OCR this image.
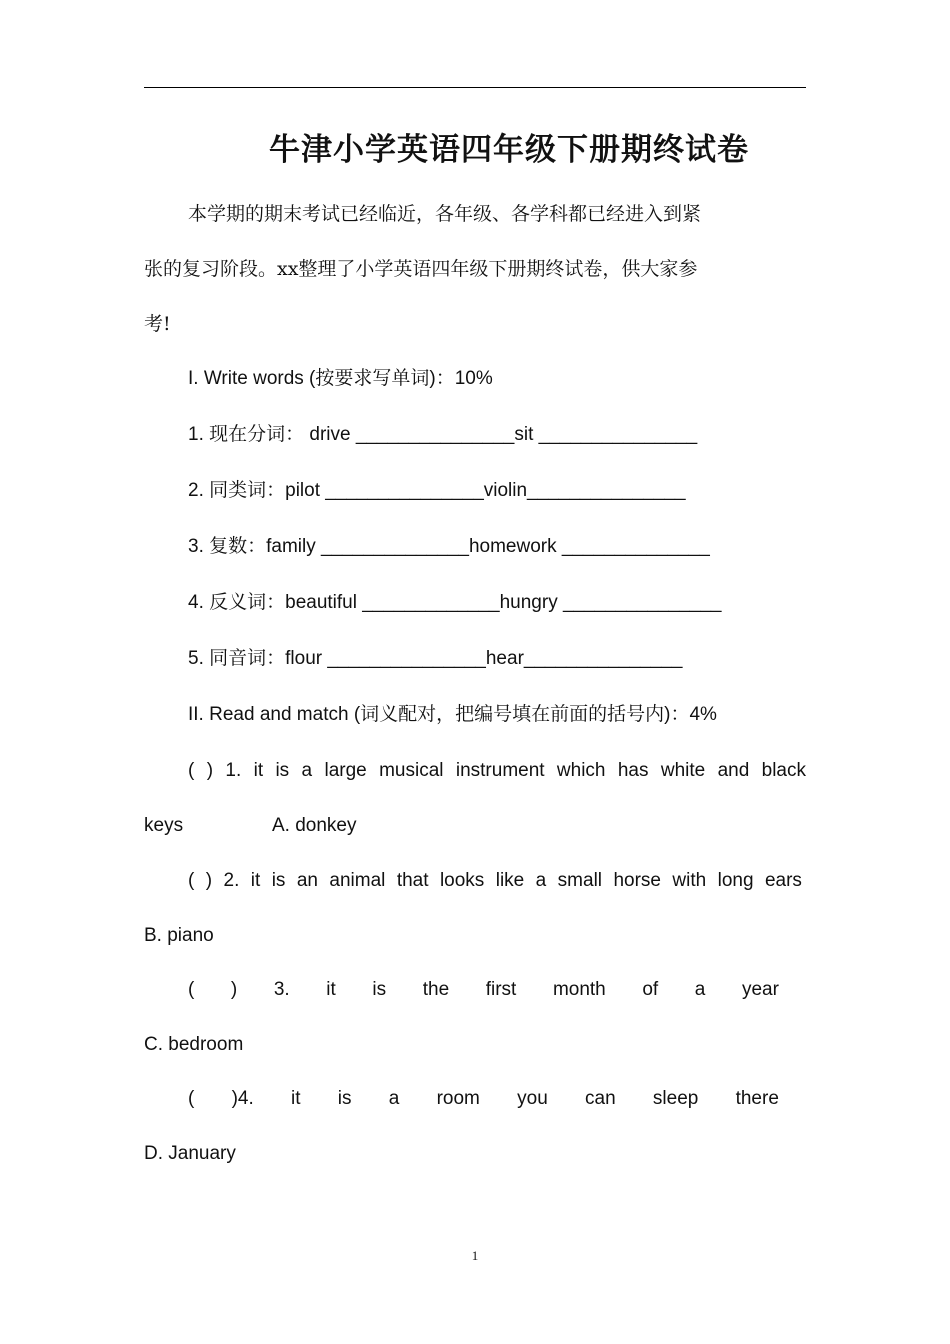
牛津小学英语四年级下册期终试卷
本学期的期末考试已经临近，各年级、各学科都已经进入到紧
张的复习阶段。xx整理了小学英语四年级下册期终试卷，供大家参
考!
I. Write words (按要求写单词)：10%
1. 现在分词： drive _______________sit _______________
2. 同类词：pilot _______________violin_______________
3. 复数：family ______________homework ______________
4. 反义词：beautiful _____________hungry _______________
5. 同音词：flour _______________hear_______________
II. Read and match (词义配对，把编号填在前面的括号内)：4%
( ) 1. it is a large musical instrument which has white and black
keys	A. donkey
( ) 2. it is an animal that looks like a small horse with long ears
B. piano
( ) 3. it is the first month of a year
C. bedroom
( )4. it is a room you can sleep there
D. January
1
